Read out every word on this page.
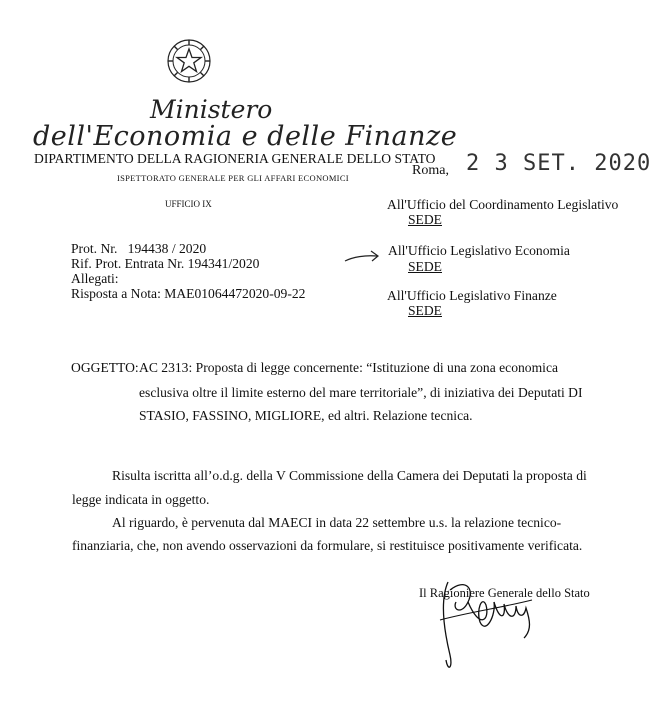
Ministero
dell'Economia e delle Finanze
DIPARTIMENTO DELLA RAGIONERIA GENERALE DELLO STATO
ISPETTORATO GENERALE PER GLI AFFARI ECONOMICI
UFFICIO IX
Roma, 2 3 SET. 2020
All'Ufficio del Coordinamento Legislativo
SEDE
All'Ufficio Legislativo Economia
SEDE
All'Ufficio Legislativo Finanze
SEDE
Prot. Nr.   194438 / 2020
Rif. Prot. Entrata Nr. 194341/2020
Allegati:
Risposta a Nota: MAE01064472020-09-22
OGGETTO: AC 2313: Proposta di legge concernente: “Istituzione di una zona economica
esclusiva oltre il limite esterno del mare territoriale”, di iniziativa dei Deputati DI
STASIO, FASSINO, MIGLIORE, ed altri. Relazione tecnica.
Risulta iscritta all’o.d.g. della V Commissione della Camera dei Deputati la proposta di
legge indicata in oggetto.
Al riguardo, è pervenuta dal MAECI in data 22 settembre u.s. la relazione tecnico-
finanziaria, che, non avendo osservazioni da formulare, si restituisce positivamente verificata.
Il Ragioniere Generale dello Stato
